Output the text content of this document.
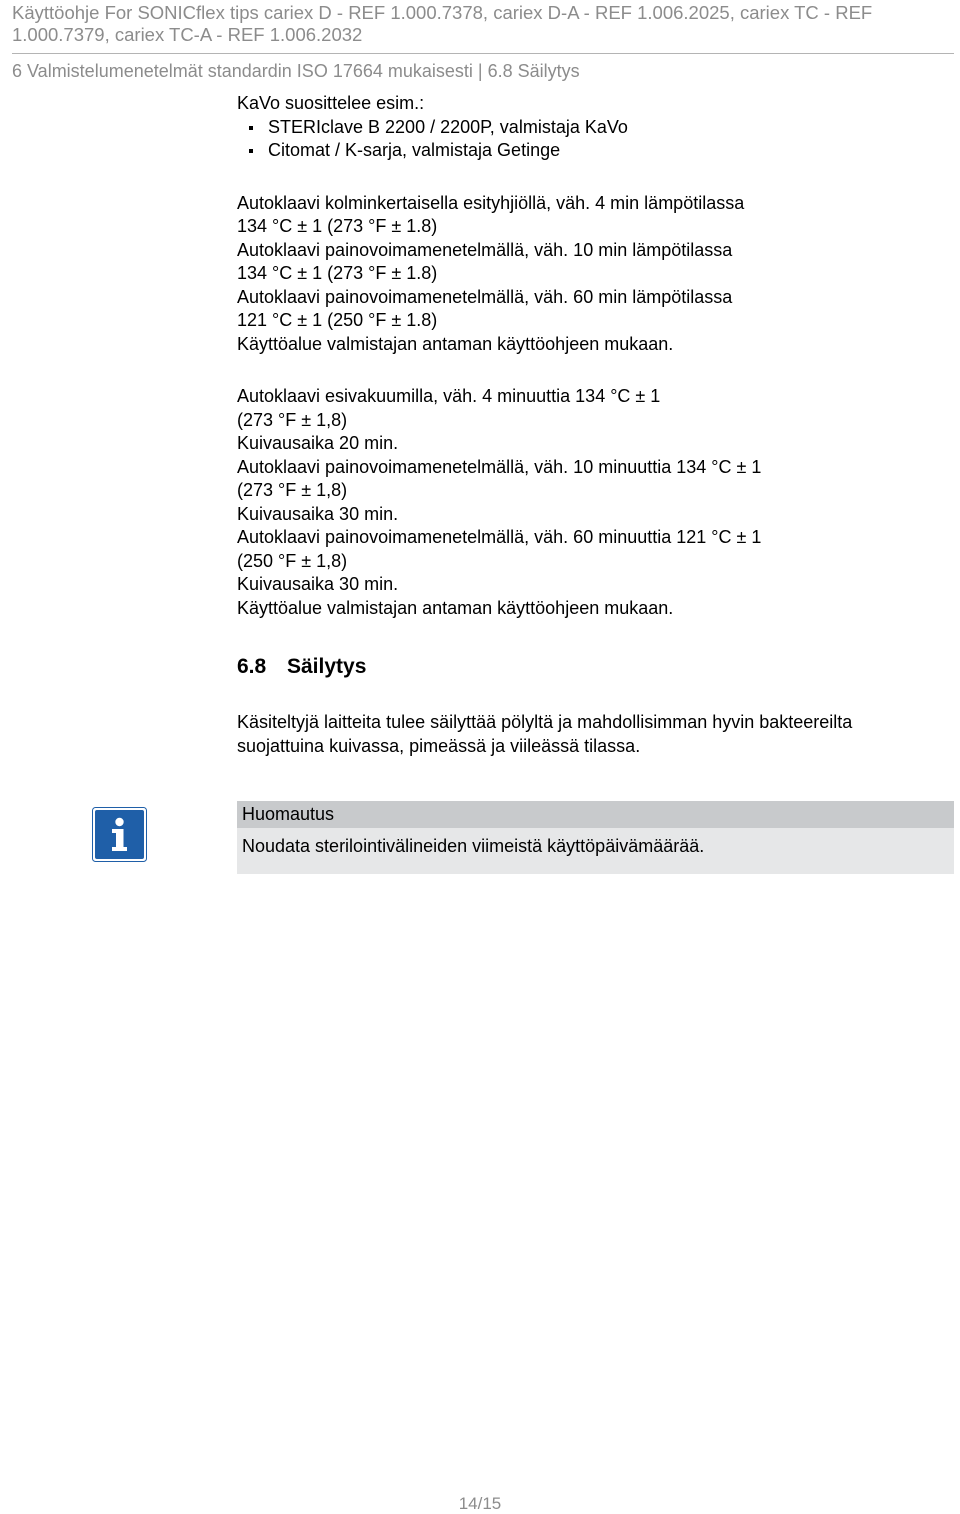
Käyttöohje For SONICflex tips cariex D - REF 1.000.7378, cariex D-A - REF 1.006.2025, cariex TC - REF
1.000.7379, cariex TC-A - REF 1.006.2032
6 Valmistelumenetelmät standardin ISO 17664 mukaisesti | 6.8 Säilytys
KaVo suosittelee esim.:
STERIclave B 2200 / 2200P, valmistaja KaVo
Citomat / K-sarja, valmistaja Getinge
Autoklaavi kolminkertaisella esityhjiöllä, väh. 4 min lämpötilassa
134 °C ± 1 (273 °F ± 1.8)
Autoklaavi painovoimamenetelmällä, väh. 10 min lämpötilassa
134 °C ± 1 (273 °F ± 1.8)
Autoklaavi painovoimamenetelmällä, väh. 60 min lämpötilassa
121 °C ± 1 (250 °F ± 1.8)
Käyttöalue valmistajan antaman käyttöohjeen mukaan.
Autoklaavi esivakuumilla, väh. 4 minuuttia 134 °C ± 1
(273 °F ± 1,8)
Kuivausaika 20 min.
Autoklaavi painovoimamenetelmällä, väh. 10 minuuttia 134 °C ± 1
(273 °F ± 1,8)
Kuivausaika 30 min.
Autoklaavi painovoimamenetelmällä, väh. 60 minuuttia 121 °C ± 1
(250 °F ± 1,8)
Kuivausaika 30 min.
Käyttöalue valmistajan antaman käyttöohjeen mukaan.
6.8 Säilytys
Käsiteltyjä laitteita tulee säilyttää pölyltä ja mahdollisimman hyvin bakteereilta
suojattuina kuivassa, pimeässä ja viileässä tilassa.
Huomautus
Noudata sterilointivälineiden viimeistä käyttöpäivämäärää.
14/15
